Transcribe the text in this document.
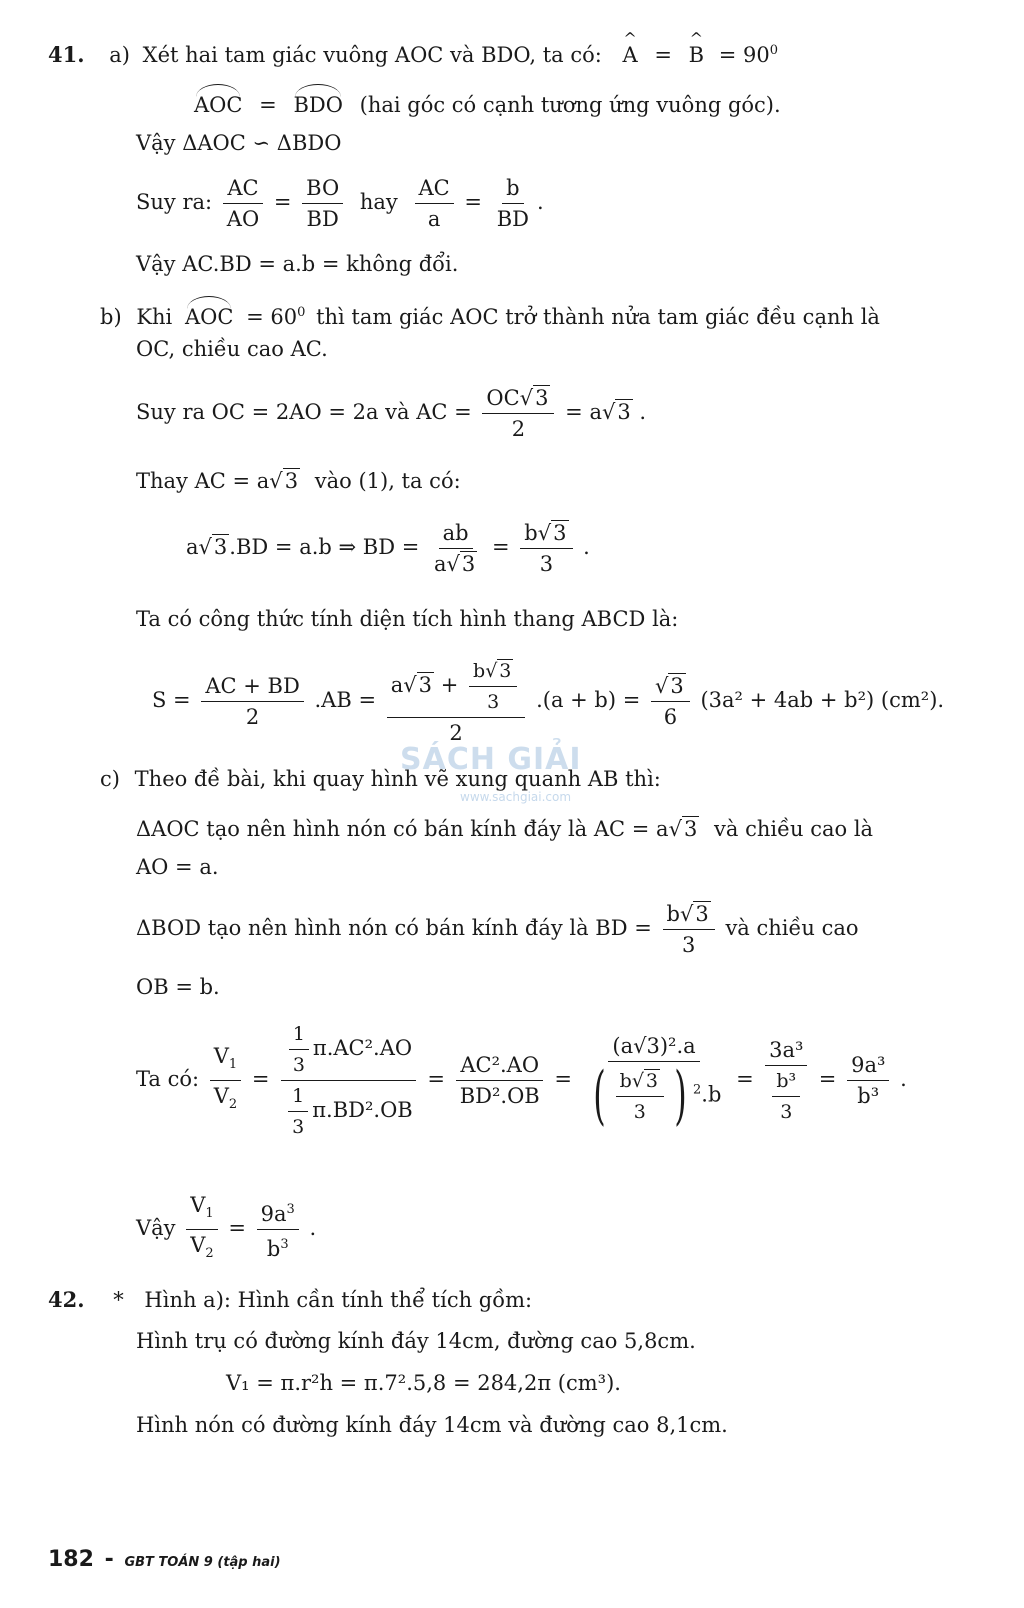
41. a) Xét hai tam giác vuông AOC và BDO, ta có: ^ A = ^ $B = 90^0$
AOC = BDO (hai góc có cạnh tương ứng vuông góc).
Vậy ΔAOC ∽ ΔBDO
Suy ra: $\frac{AC}{AO} = \frac{BO}{BD}$ hay $\frac{AC}{a} = \frac{b}{BD}$ .
Vậy AC.BD = a.b = không đổi.
b) Khi AOC = $60^0$ thì tam giác AOC trở thành nửa tam giác đều cạnh là
OC, chiều cao AC.
Suy ra OC = 2AO = 2a và AC = $\frac{OC√3}{2} = a√3$ .
Thay AC = a√3 vào (1), ta có:
a√3.BD = a.b ⇒ BD = $\frac{ab}{a√3} = \frac{b√3}{3}$ .
Ta có công thức tính diện tích hình thang ABCD là:
$S = \frac{AC + BD}{2} .AB = \frac{a√3 + \frac{b√ 3}{3}}{2} .(a + b) = \frac{√3}{6} (3a^2 + 4ab + b^2)$ (cm²).
c) Theo đề bài, khi quay hình vẽ xung quanh AB thì:
ΔAOC tạo nên hình nón có bán kính đáy là AC = a√3 và chiều cao là
AO = a.
ΔBOD tạo nên hình nón có bán kính đáy là BD = $\frac{b√3}{3}$ và chiều cao
OB = b.
Ta có: $\frac{V_1}{V_2} = \frac{\frac{1}{3} \pi.AC^2.AO}{\frac{1}{3} \pi.BD^2.OB} = \frac{\text{AC².AO}}{\text{BD².OB}} = \frac{\text{(a√3)².a}}{( \frac{b√ 3}{3} ) ^2.b} = \frac{\text{3a³}}{\frac{\text{b³}}{3}} = \frac{\text{9a³}}{\text{b³}}$ .
Vậy $\frac{V_1}{V_2} = \frac{9a^3}{b^3}$ .
42. * Hình a): Hình cần tính thể tích gồm:
Hình trụ có đường kính đáy 14cm, đường cao 5,8cm.
V₁ = π.r²h = π.7².5,8 = 284,2π (cm³).
Hình nón có đường kính đáy 14cm và đường cao 8,1cm.
SÁCH GIẢI
www.sachgiai.com
182 - GBT TOÁN 9 (tập hai)
